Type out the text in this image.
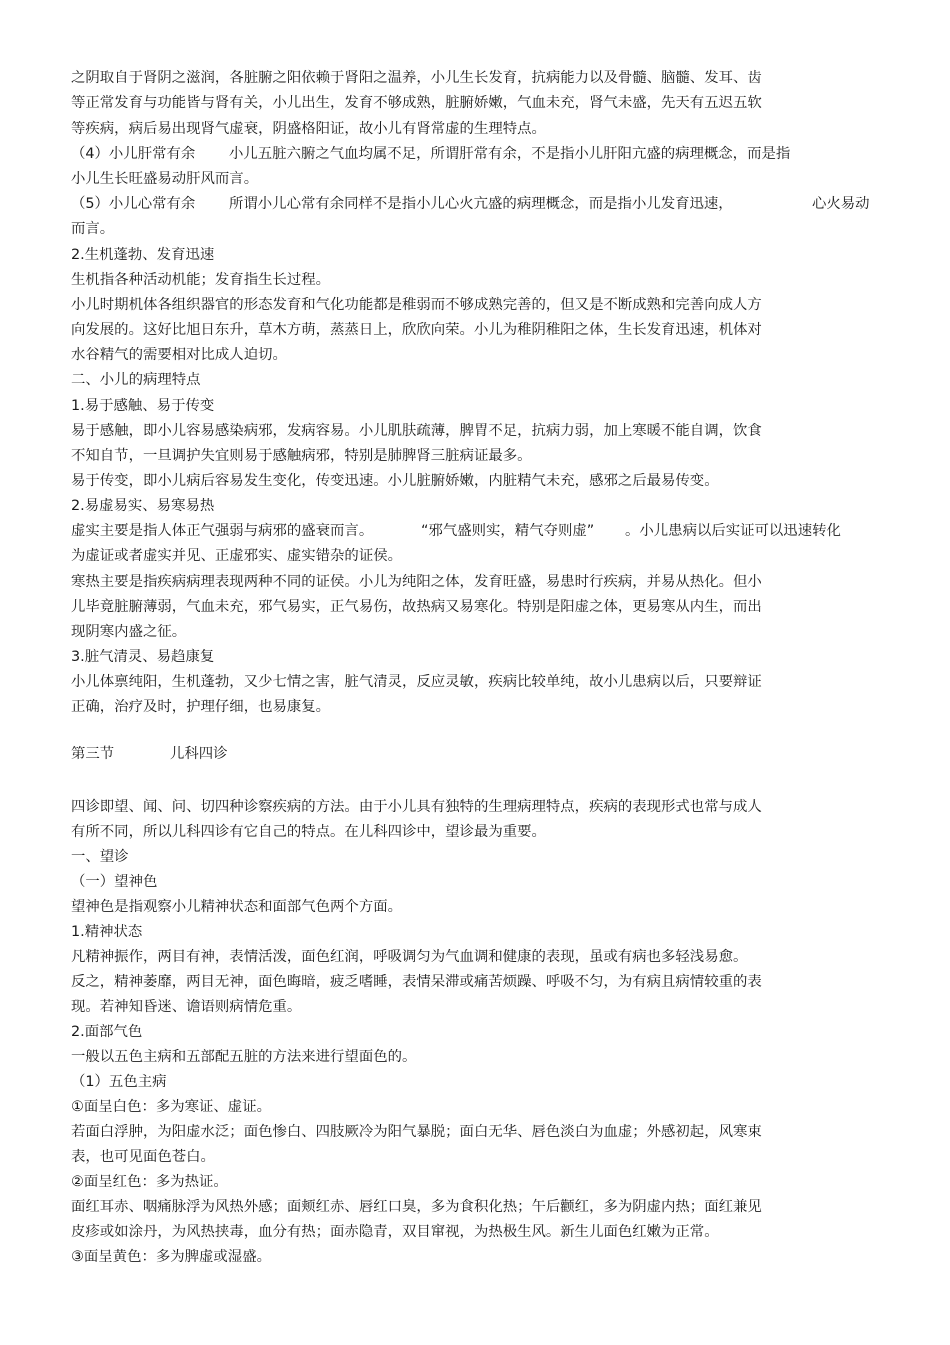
之阴取自于肾阴之滋润，各脏腑之阳依赖于肾阳之温养，小儿生长发育，抗病能力以及骨髓、脑髓、发耳、齿
等正常发育与功能皆与肾有关，小儿出生，发育不够成熟，脏腑娇嫩，气血未充，肾气未盛，先天有五迟五软
等疾病，病后易出现肾气虚衰，阴盛格阳证，故小儿有肾常虚的生理特点。
（4）小儿肝常有余 小儿五脏六腑之气血均属不足，所谓肝常有余，不是指小儿肝阳亢盛的病理概念，而是指
小儿生长旺盛易动肝风而言。
（5）小儿心常有余 所谓小儿心常有余同样不是指小儿心火亢盛的病理概念，而是指小儿发育迅速，	心火易动
而言。
2.生机蓬勃、发育迅速
生机指各种活动机能；发育指生长过程。
小儿时期机体各组织器官的形态发育和气化功能都是稚弱而不够成熟完善的，但又是不断成熟和完善向成人方
向发展的。这好比旭日东升，草木方萌，蒸蒸日上，欣欣向荣。小儿为稚阴稚阳之体，生长发育迅速，机体对
水谷精气的需要相对比成人迫切。
二、小儿的病理特点
1.易于感触、易于传变
易于感触，即小儿容易感染病邪，发病容易。小儿肌肤疏薄，脾胃不足，抗病力弱，加上寒暖不能自调，饮食
不知自节，一旦调护失宜则易于感触病邪，特别是肺脾肾三脏病证最多。
易于传变，即小儿病后容易发生变化，传变迅速。小儿脏腑娇嫩，内脏精气未充，感邪之后最易传变。
2.易虚易实、易寒易热
虚实主要是指人体正气强弱与病邪的盛衰而言。	“邪气盛则实，精气夺则虚” 。小儿患病以后实证可以迅速转化
为虚证或者虚实并见、正虚邪实、虚实错杂的证侯。
寒热主要是指疾病病理表现两种不同的证侯。小儿为纯阳之体，发育旺盛，易患时行疾病，并易从热化。但小
儿毕竟脏腑薄弱，气血未充，邪气易实，正气易伤，故热病又易寒化。特别是阳虚之体，更易寒从内生，而出
现阴寒内盛之征。
3.脏气清灵、易趋康复
小儿体禀纯阳，生机蓬勃，又少七情之害，脏气清灵，反应灵敏，疾病比较单纯，故小儿患病以后，只要辩证
正确，治疗及时，护理仔细，也易康复。
第三节	儿科四诊
四诊即望、闻、问、切四种诊察疾病的方法。由于小儿具有独特的生理病理特点，疾病的表现形式也常与成人
有所不同，所以儿科四诊有它自己的特点。在儿科四诊中，望诊最为重要。
一、望诊
（一）望神色
望神色是指观察小儿精神状态和面部气色两个方面。
1.精神状态
凡精神振作，两目有神，表情活泼，面色红润，呼吸调匀为气血调和健康的表现，虽或有病也多轻浅易愈。
反之，精神萎靡，两目无神，面色晦暗，疲乏嗜睡，表情呆滞或痛苦烦躁、呼吸不匀，为有病且病情较重的表
现。若神知昏迷、谵语则病情危重。
2.面部气色
一般以五色主病和五部配五脏的方法来进行望面色的。
（1）五色主病
①面呈白色：多为寒证、虚证。
若面白浮肿，为阳虚水泛；面色惨白、四肢厥冷为阳气暴脱；面白无华、唇色淡白为血虚；外感初起，风寒束
表，也可见面色苍白。
②面呈红色：多为热证。
面红耳赤、咽痛脉浮为风热外感；面颊红赤、唇红口臭，多为食积化热；午后颧红，多为阴虚内热；面红兼见
皮疹或如涂丹，为风热挟毒，血分有热；面赤隐青，双目窜视，为热极生风。新生儿面色红嫩为正常。
③面呈黄色：多为脾虚或湿盛。
